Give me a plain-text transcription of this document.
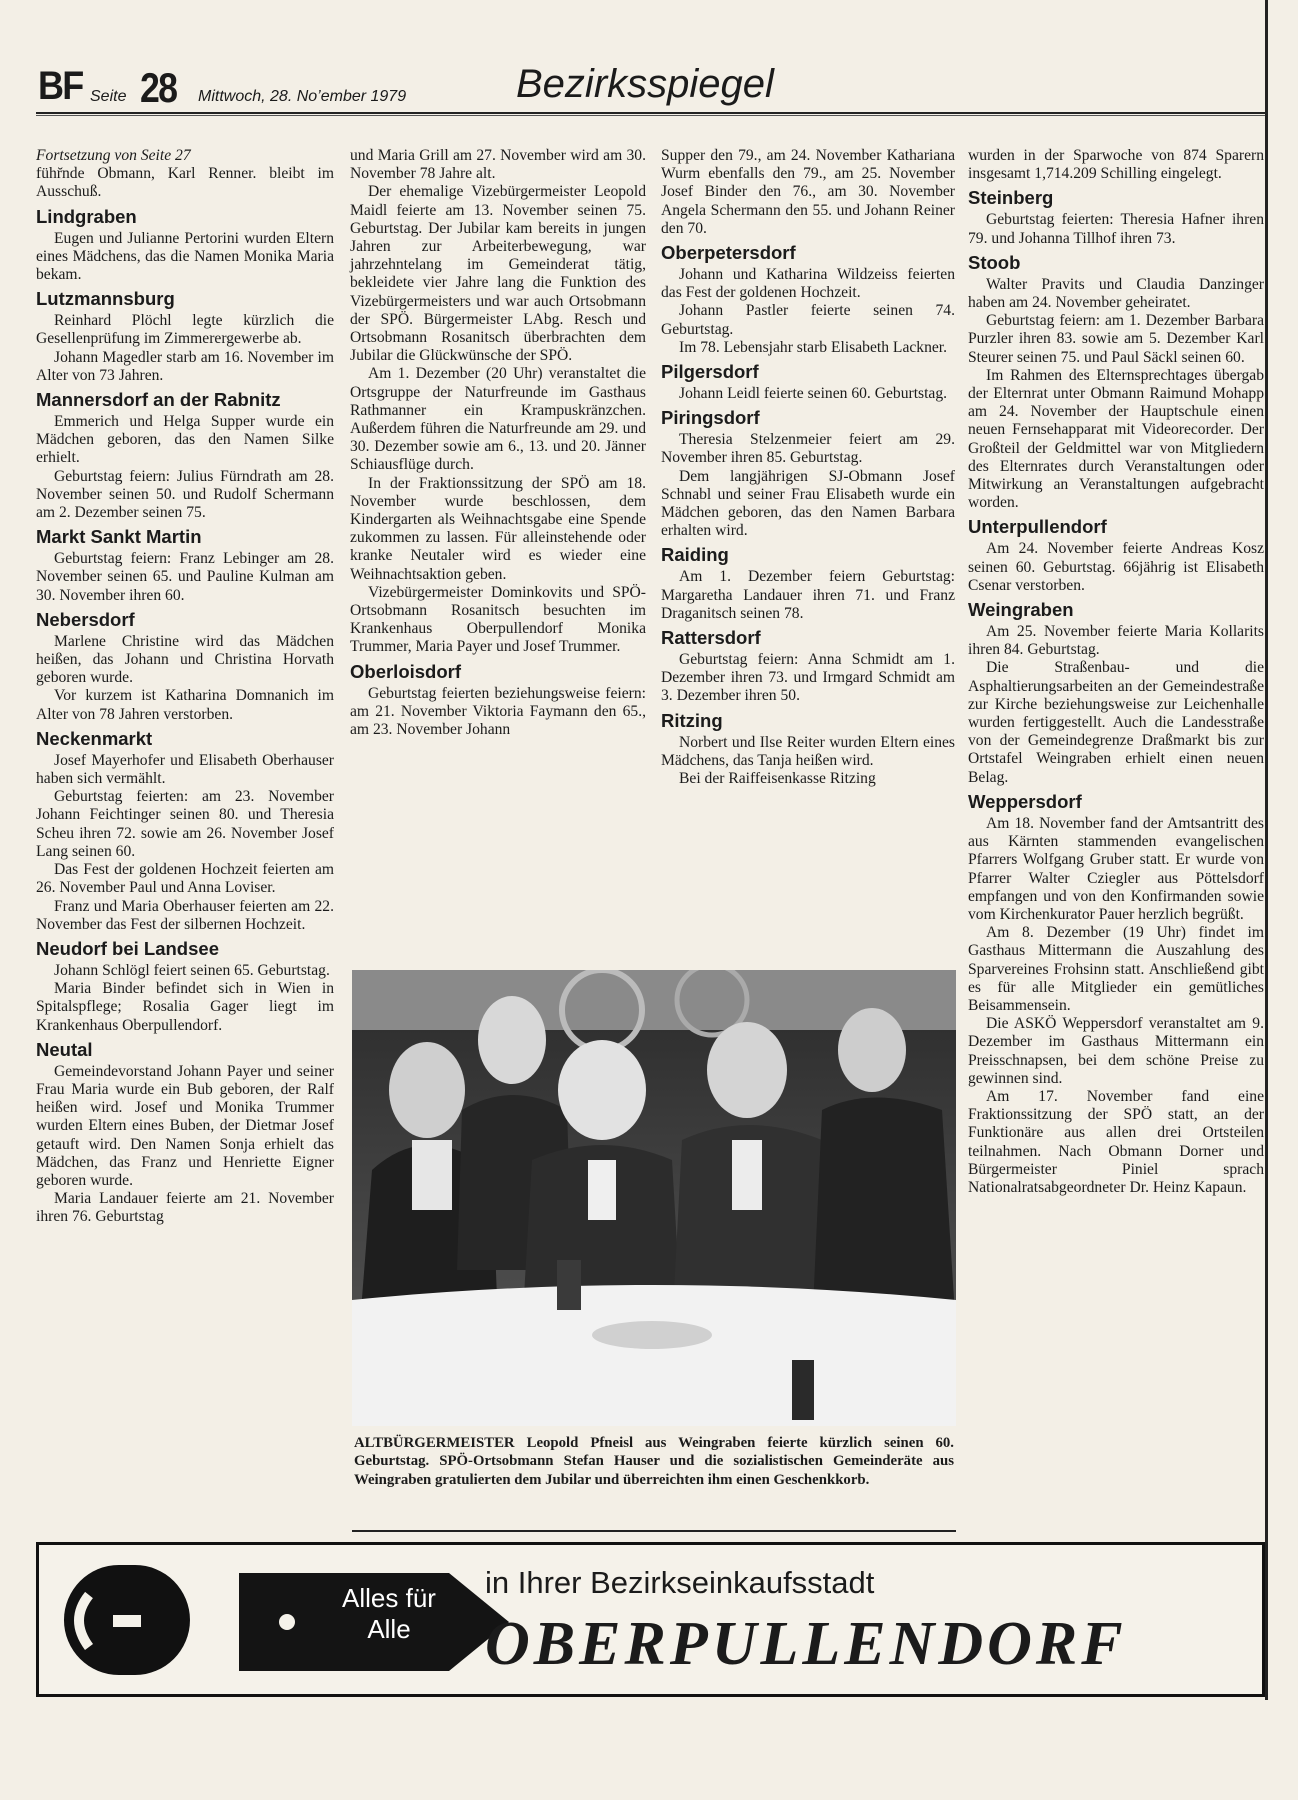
BF Seite 28 Mittwoch, 28. No’ember 1979	Bezirksspiegel

Fortsetzung von Seite 27

führ̆nde Obmann, Karl Renner. bleibt im Ausschuß.

Lindgraben

Eugen und Julianne Pertorini wurden Eltern eines Mädchens, das die Namen Monika Maria bekam.

Lutzmannsburg

Reinhard Plöchl legte kürzlich die Gesellenprüfung im Zimmerergewerbe ab.

Johann Magedler starb am 16. November im Alter von 73 Jahren.

Mannersdorf an der Rabnitz

Emmerich und Helga Supper wurde ein Mädchen geboren, das den Namen Silke erhielt.

Geburtstag feiern: Julius Fürndrath am 28. November seinen 50. und Rudolf Schermann am 2. Dezember seinen 75.

Markt Sankt Martin

Geburtstag feiern: Franz Lebinger am 28. November seinen 65. und Pauline Kulman am 30. November ihren 60.

Nebersdorf

Marlene Christine wird das Mädchen heißen, das Johann und Christina Horvath geboren wurde.

Vor kurzem ist Katharina Domnanich im Alter von 78 Jahren verstorben.

Neckenmarkt

Josef Mayerhofer und Elisabeth Oberhauser haben sich vermählt.

Geburtstag feierten: am 23. November Johann Feichtinger seinen 80. und Theresia Scheu ihren 72. sowie am 26. November Josef Lang seinen 60.

Das Fest der goldenen Hochzeit feierten am 26. November Paul und Anna Loviser.

Franz und Maria Oberhauser feierten am 22. November das Fest der silbernen Hochzeit.

Neudorf bei Landsee

Johann Schlögl feiert seinen 65. Geburtstag.

Maria Binder befindet sich in Wien in Spitalspflege; Rosalia Gager liegt im Krankenhaus Oberpullendorf.

Neutal

Gemeindevorstand Johann Payer und seiner Frau Maria wurde ein Bub geboren, der Ralf heißen wird. Josef und Monika Trummer wurden Eltern eines Buben, der Dietmar Josef getauft wird. Den Namen Sonja erhielt das Mädchen, das Franz und Henriette Eigner geboren wurde.

Maria Landauer feierte am 21. November ihren 76. Geburtstag

und Maria Grill am 27. November wird am 30. November 78 Jahre alt.

Der ehemalige Vizebürgermeister Leopold Maidl feierte am 13. November seinen 75. Geburtstag. Der Jubilar kam bereits in jungen Jahren zur Arbeiterbewegung, war jahrzehntelang im Gemeinderat tätig, bekleidete vier Jahre lang die Funktion des Vizebürgermeisters und war auch Ortsobmann der SPÖ. Bürgermeister LAbg. Resch und Ortsobmann Rosanitsch überbrachten dem Jubilar die Glückwünsche der SPÖ.

Am 1. Dezember (20 Uhr) veranstaltet die Ortsgruppe der Naturfreunde im Gasthaus Rathmanner ein Krampuskränzchen. Außerdem führen die Naturfreunde am 29. und 30. Dezember sowie am 6., 13. und 20. Jänner Schiausflüge durch.

In der Fraktionssitzung der SPÖ am 18. November wurde beschlossen, dem Kindergarten als Weihnachtsgabe eine Spende zukommen zu lassen. Für alleinstehende oder kranke Neutaler wird es wieder eine Weihnachtsaktion geben.

Vizebürgermeister Dominkovits und SPÖ-Ortsobmann Rosanitsch besuchten im Krankenhaus Oberpullendorf Monika Trummer, Maria Payer und Josef Trummer.

Oberloisdorf

Geburtstag feierten beziehungsweise feiern: am 21. November Viktoria Faymann den 65., am 23. November Johann

Supper den 79., am 24. November Kathariana Wurm ebenfalls den 79., am 25. November Josef Binder den 76., am 30. November Angela Schermann den 55. und Johann Reiner den 70.

Oberpetersdorf

Johann und Katharina Wildzeiss feierten das Fest der goldenen Hochzeit.

Johann Pastler feierte seinen 74. Geburtstag.

Im 78. Lebensjahr starb Elisabeth Lackner.

Pilgersdorf

Johann Leidl feierte seinen 60. Geburtstag.

Piringsdorf

Theresia Stelzenmeier feiert am 29. November ihren 85. Geburtstag.

Dem langjährigen SJ-Obmann Josef Schnabl und seiner Frau Elisabeth wurde ein Mädchen geboren, das den Namen Barbara erhalten wird.

Raiding

Am 1. Dezember feiern Geburtstag: Margaretha Landauer ihren 71. und Franz Draganitsch seinen 78.

Rattersdorf

Geburtstag feiern: Anna Schmidt am 1. Dezember ihren 73. und Irmgard Schmidt am 3. Dezember ihren 50.

Ritzing

Norbert und Ilse Reiter wurden Eltern eines Mädchens, das Tanja heißen wird.

Bei der Raiffeisenkasse Ritzing

wurden in der Sparwoche von 874 Sparern insgesamt 1,714.209 Schilling eingelegt.

Steinberg

Geburtstag feierten: Theresia Hafner ihren 79. und Johanna Tillhof ihren 73.

Stoob

Walter Pravits und Claudia Danzinger haben am 24. November geheiratet.

Geburtstag feiern: am 1. Dezember Barbara Purzler ihren 83. sowie am 5. Dezember Karl Steurer seinen 75. und Paul Säckl seinen 60.

Im Rahmen des Elternsprechtages übergab der Elternrat unter Obmann Raimund Mohapp am 24. November der Hauptschule einen neuen Fernsehapparat mit Videorecorder. Der Großteil der Geldmittel war von Mitgliedern des Elternrates durch Veranstaltungen oder Mitwirkung an Veranstaltungen aufgebracht worden.

Unterpullendorf

Am 24. November feierte Andreas Kosz seinen 60. Geburtstag. 66jährig ist Elisabeth Csenar verstorben.

Weingraben

Am 25. November feierte Maria Kollarits ihren 84. Geburtstag.

Die Straßenbau- und die Asphaltierungsarbeiten an der Gemeindestraße zur Kirche beziehungsweise zur Leichenhalle wurden fertiggestellt. Auch die Landesstraße von der Gemeindegrenze Draßmarkt bis zur Ortstafel Weingraben erhielt einen neuen Belag.

Weppersdorf

Am 18. November fand der Amtsantritt des aus Kärnten stammenden evangelischen Pfarrers Wolfgang Gruber statt. Er wurde von Pfarrer Walter Cziegler aus Pöttelsdorf empfangen und von den Konfirmanden sowie vom Kirchenkurator Pauer herzlich begrüßt.

Am 8. Dezember (19 Uhr) findet im Gasthaus Mittermann die Auszahlung des Sparvereines Frohsinn statt. Anschließend gibt es für alle Mitglieder ein gemütliches Beisammensein.

Die ASKÖ Weppersdorf veranstaltet am 9. Dezember im Gasthaus Mittermann ein Preisschnapsen, bei dem schöne Preise zu gewinnen sind.

Am 17. November fand eine Fraktionssitzung der SPÖ statt, an der Funktionäre aus allen drei Ortsteilen teilnahmen. Nach Obmann Dorner und Bürgermeister Piniel sprach Nationalratsabgeordneter Dr. Heinz Kapaun.

ALTBÜRGERMEISTER Leopold Pfneisl aus Weingraben feierte kürzlich seinen 60. Geburtstag. SPÖ-Ortsobmann Stefan Hauser und die sozialistischen Gemeinderäte aus Weingraben gratulierten dem Jubilar und überreichten ihm einen Geschenkkorb.
Alles für Alle
in Ihrer Bezirkseinkaufsstadt
OBERPULLENDORF
